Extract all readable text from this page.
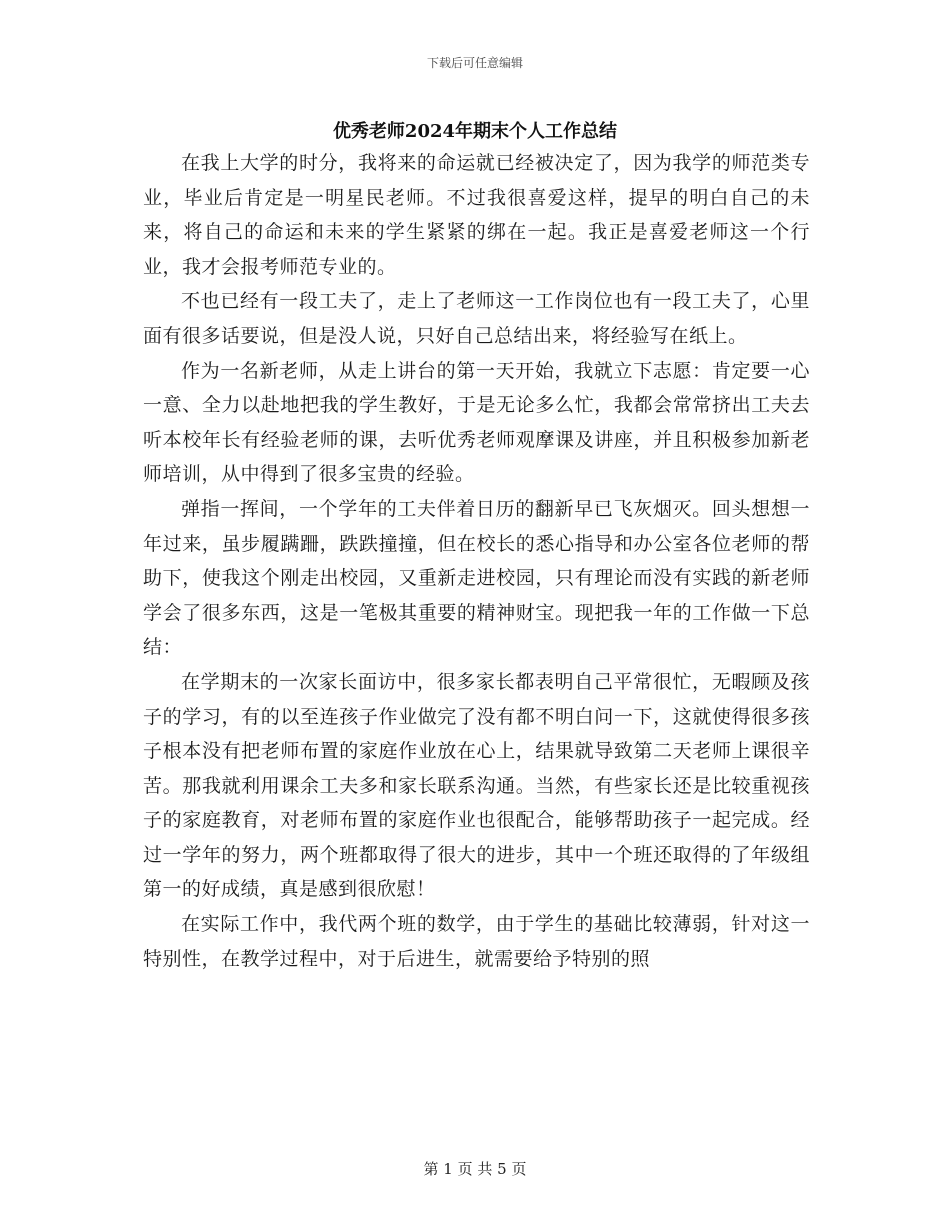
下载后可任意编辑
优秀老师2024年期末个人工作总结

在我上大学的时分，我将来的命运就已经被决定了，因为我学的师范类专业，毕业后肯定是一明星民老师。不过我很喜爱这样，提早的明白自己的未来，将自己的命运和未来的学生紧紧的绑在一起。我正是喜爱老师这一个行业，我才会报考师范专业的。

不也已经有一段工夫了，走上了老师这一工作岗位也有一段工夫了，心里面有很多话要说，但是没人说，只好自己总结出来，将经验写在纸上。

作为一名新老师，从走上讲台的第一天开始，我就立下志愿：肯定要一心一意、全力以赴地把我的学生教好，于是无论多么忙，我都会常常挤出工夫去听本校年长有经验老师的课，去听优秀老师观摩课及讲座，并且积极参加新老师培训，从中得到了很多宝贵的经验。

弹指一挥间，一个学年的工夫伴着日历的翻新早已飞灰烟灭。回头想想一年过来，虽步履蹒跚，跌跌撞撞，但在校长的悉心指导和办公室各位老师的帮助下，使我这个刚走出校园，又重新走进校园，只有理论而没有实践的新老师学会了很多东西，这是一笔极其重要的精神财宝。现把我一年的工作做一下总结：

在学期末的一次家长面访中，很多家长都表明自己平常很忙，无暇顾及孩子的学习，有的以至连孩子作业做完了没有都不明白问一下，这就使得很多孩子根本没有把老师布置的家庭作业放在心上，结果就导致第二天老师上课很辛苦。那我就利用课余工夫多和家长联系沟通。当然，有些家长还是比较重视孩子的家庭教育，对老师布置的家庭作业也很配合，能够帮助孩子一起完成。经过一学年的努力，两个班都取得了很大的进步，其中一个班还取得的了年级组第一的好成绩，真是感到很欣慰！

在实际工作中，我代两个班的数学，由于学生的基础比较薄弱，针对这一特别性，在教学过程中，对于后进生，就需要给予特别的照

第 1 页 共 5 页
